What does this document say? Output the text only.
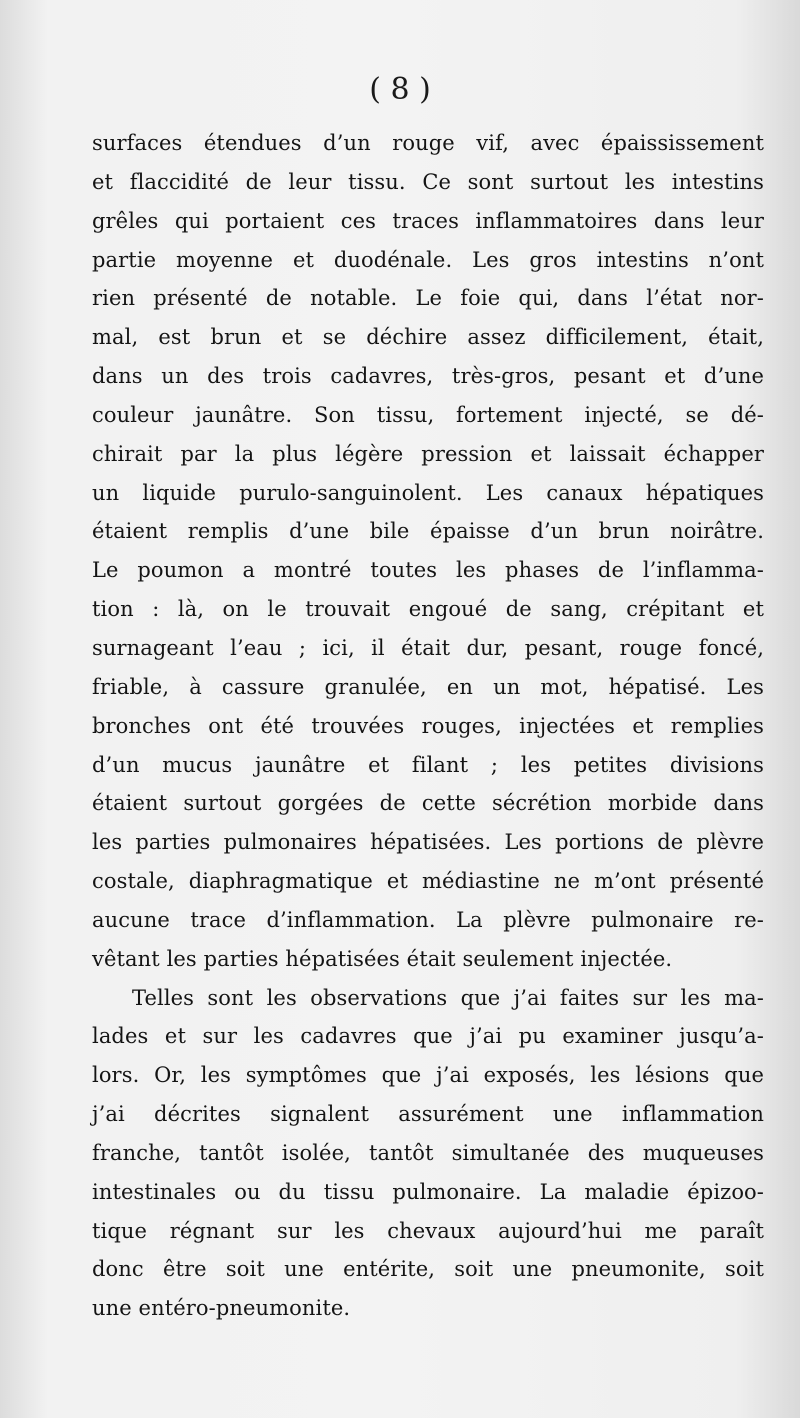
( 8 )
surfaces étendues d’un rouge vif, avec épaississement
et flaccidité de leur tissu. Ce sont surtout les intestins
grêles qui portaient ces traces inflammatoires dans leur
partie moyenne et duodénale. Les gros intestins n’ont
rien présenté de notable. Le foie qui, dans l’état nor-
mal, est brun et se déchire assez difficilement, était,
dans un des trois cadavres, très-gros, pesant et d’une
couleur jaunâtre. Son tissu, fortement injecté, se dé-
chirait par la plus légère pression et laissait échapper
un liquide purulo-sanguinolent. Les canaux hépatiques
étaient remplis d’une bile épaisse d’un brun noirâtre.
Le poumon a montré toutes les phases de l’inflamma-
tion : là, on le trouvait engoué de sang, crépitant et
surnageant l’eau ; ici, il était dur, pesant, rouge foncé,
friable, à cassure granulée, en un mot, hépatisé. Les
bronches ont été trouvées rouges, injectées et remplies
d’un mucus jaunâtre et filant ; les petites divisions
étaient surtout gorgées de cette sécrétion morbide dans
les parties pulmonaires hépatisées. Les portions de plèvre
costale, diaphragmatique et médiastine ne m’ont présenté
aucune trace d’inflammation. La plèvre pulmonaire re-
vêtant les parties hépatisées était seulement injectée.
Telles sont les observations que j’ai faites sur les ma-
lades et sur les cadavres que j’ai pu examiner jusqu’a-
lors. Or, les symptômes que j’ai exposés, les lésions que
j’ai décrites signalent assurément une inflammation
franche, tantôt isolée, tantôt simultanée des muqueuses
intestinales ou du tissu pulmonaire. La maladie épizoo-
tique régnant sur les chevaux aujourd’hui me paraît
donc être soit une entérite, soit une pneumonite, soit
une entéro-pneumonite.
